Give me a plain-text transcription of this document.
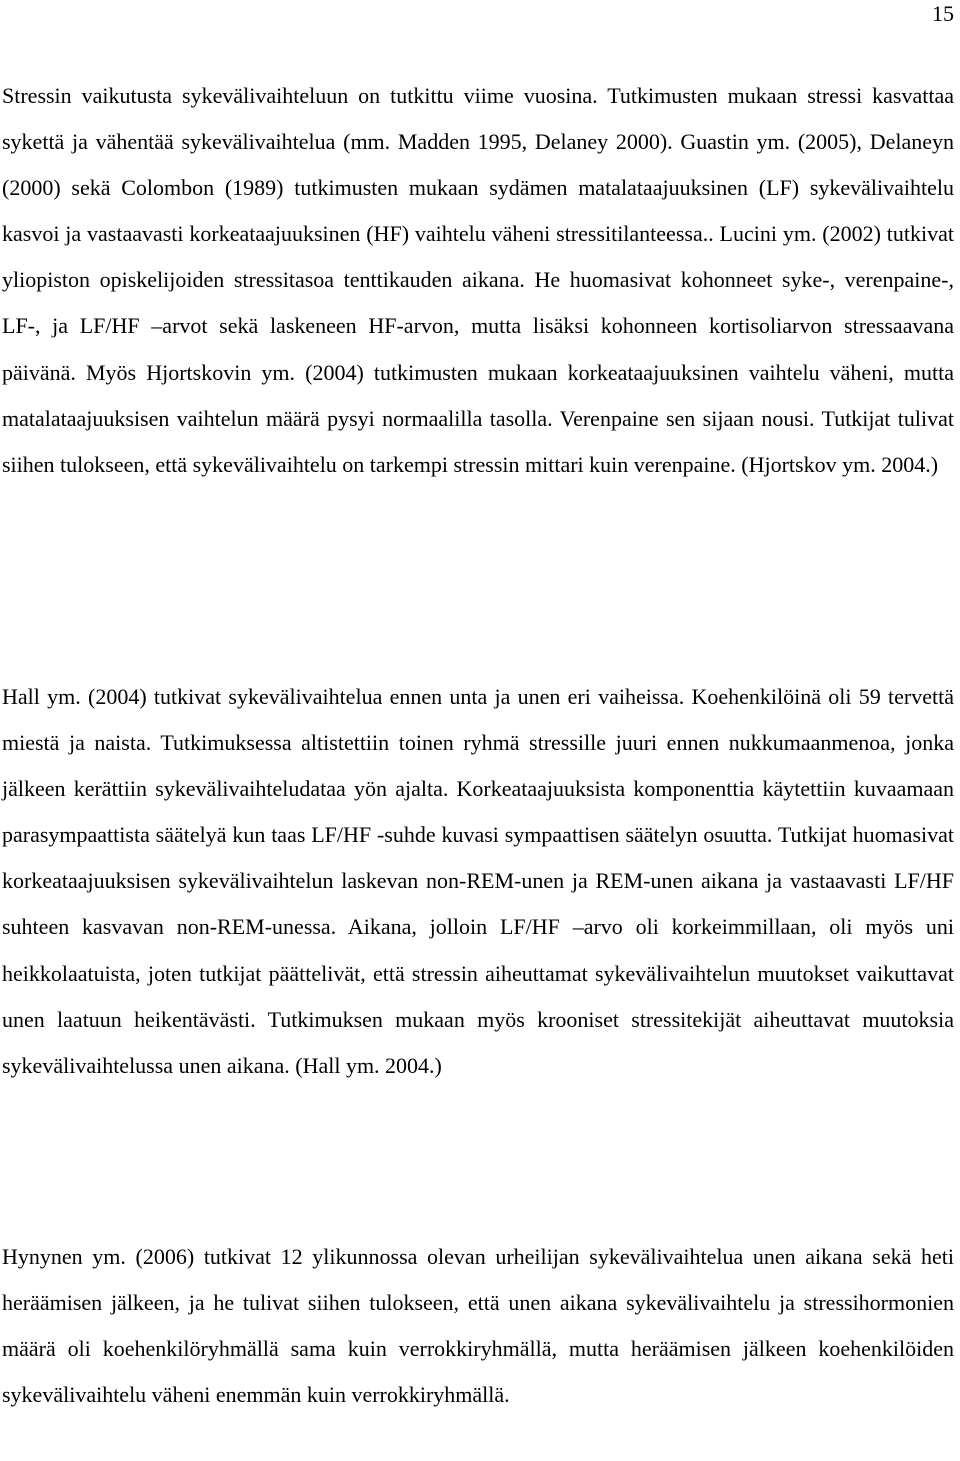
15

Stressin vaikutusta sykevälivaihteluun on tutkittu viime vuosina. Tutkimusten mukaan stressi kasvattaa sykettä ja vähentää sykevälivaihtelua (mm. Madden 1995, Delaney 2000). Guastin ym. (2005), Delaneyn (2000) sekä Colombon (1989) tutkimusten mukaan sydämen matalataajuuksinen (LF) sykevälivaihtelu kasvoi ja vastaavasti korkeataajuuksinen (HF) vaihtelu väheni stressitilanteessa.. Lucini ym. (2002) tutkivat yliopiston opiskelijoiden stressitasoa tenttikauden aikana. He huomasivat kohonneet syke-, verenpaine-, LF-, ja LF/HF –arvot sekä laskeneen HF-arvon, mutta lisäksi kohonneen kortisoliarvon stressaavana päivänä. Myös Hjortskovin ym. (2004) tutkimusten mukaan korkeataajuuksinen vaihtelu väheni, mutta matalataajuuksisen vaihtelun määrä pysyi normaalilla tasolla. Verenpaine sen sijaan nousi. Tutkijat tulivat siihen tulokseen, että sykevälivaihtelu on tarkempi stressin mittari kuin verenpaine. (Hjortskov ym. 2004.)

Hall ym. (2004) tutkivat sykevälivaihtelua ennen unta ja unen eri vaiheissa. Koehenkilöinä oli 59 tervettä miestä ja naista. Tutkimuksessa altistettiin toinen ryhmä stressille juuri ennen nukkumaanmenoa, jonka jälkeen kerättiin sykevälivaihteludataa yön ajalta. Korkeataajuuksista komponenttia käytettiin kuvaamaan parasympaattista säätelyä kun taas LF/HF -suhde kuvasi sympaattisen säätelyn osuutta. Tutkijat huomasivat korkeataajuuksisen sykevälivaihtelun laskevan non-REM-unen ja REM-unen aikana ja vastaavasti LF/HF suhteen kasvavan non-REM-unessa. Aikana, jolloin LF/HF –arvo oli korkeimmillaan, oli myös uni heikkolaatuista, joten tutkijat päättelivät, että stressin aiheuttamat sykevälivaihtelun muutokset vaikuttavat unen laatuun heikentävästi. Tutkimuksen mukaan myös krooniset stressitekijät aiheuttavat muutoksia sykevälivaihtelussa unen aikana. (Hall ym. 2004.)

Hynynen ym. (2006) tutkivat 12 ylikunnossa olevan urheilijan sykevälivaihtelua unen aikana sekä heti heräämisen jälkeen, ja he tulivat siihen tulokseen, että unen aikana sykevälivaihtelu ja stressihormonien määrä oli koehenkilöryhmällä sama kuin verrokkiryhmällä, mutta heräämisen jälkeen koehenkilöiden sykevälivaihtelu väheni enemmän kuin verrokkiryhmällä.
